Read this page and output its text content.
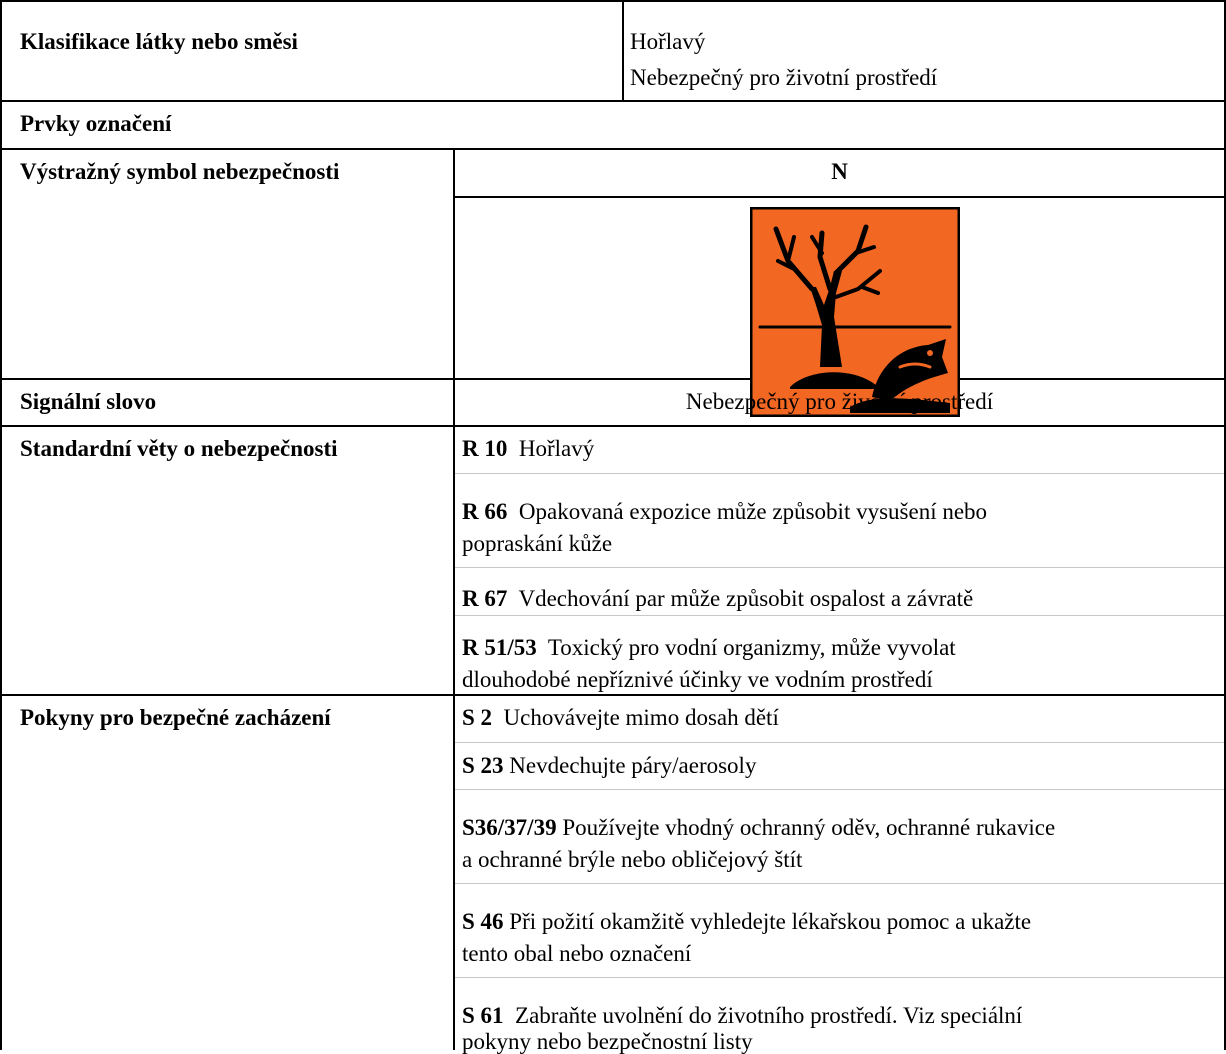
Klasifikace látky nebo směsi	Hořlavý
Nebezpečný pro životní prostředí
Prvky označení
Výstražný symbol nebezpečnosti	N
Signální slovo	Nebezpečný pro životní prostředí
Standardní věty o nebezpečnosti	R 10 Hořlavý
R 66 Opakovaná expozice může způsobit vysušení nebo
popraskání kůže
R 67 Vdechování par může způsobit ospalost a závratě
R 51/53 Toxický pro vodní organizmy, může vyvolat
dlouhodobé nepříznivé účinky ve vodním prostředí
Pokyny pro bezpečné zacházení	S 2 Uchovávejte mimo dosah dětí
S 23 Nevdechujte páry/aerosoly
S36/37/39 Používejte vhodný ochranný oděv, ochranné rukavice
a ochranné brýle nebo obličejový štít
S 46 Při požití okamžitě vyhledejte lékařskou pomoc a ukažte
tento obal nebo označení
S 61 Zabraňte uvolnění do životního prostředí. Viz speciální
pokyny nebo bezpečnostní listy
